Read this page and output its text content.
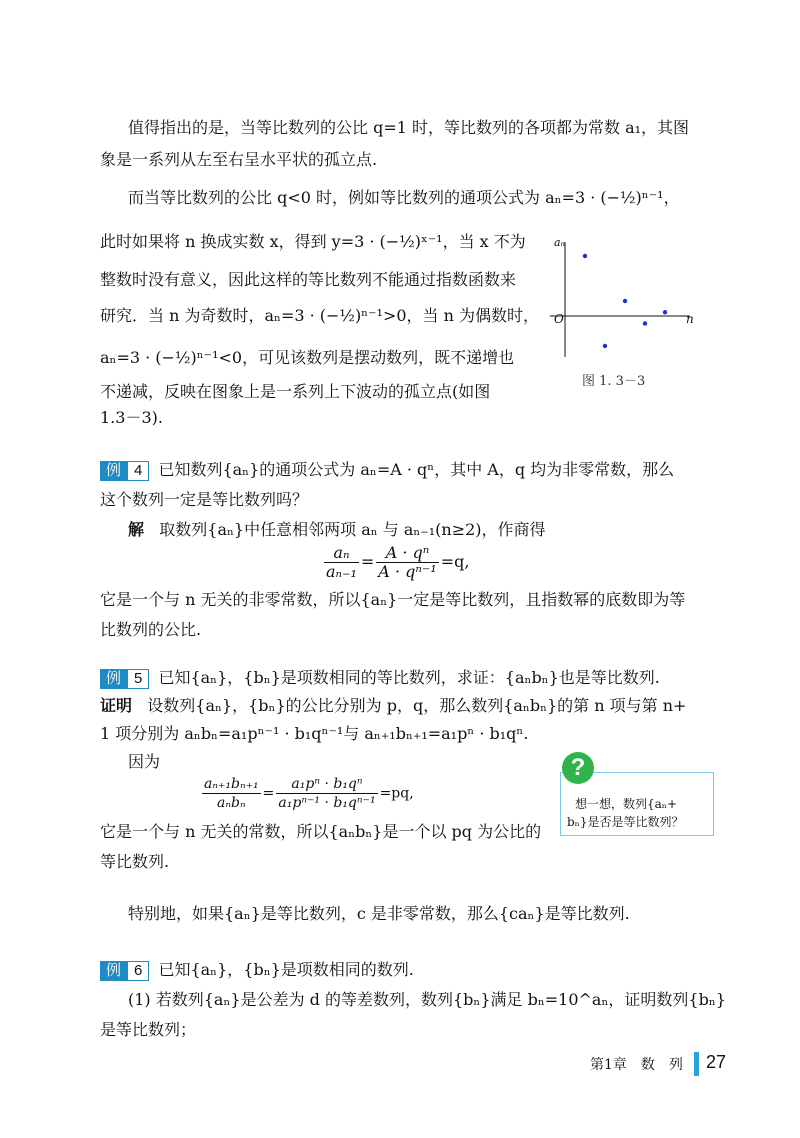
值得指出的是，当等比数列的公比 q=1 时，等比数列的各项都为常数 a₁，其图
象是一系列从左至右呈水平状的孤立点.
而当等比数列的公比 q<0 时，例如等比数列的通项公式为 aₙ=3 · (−½)ⁿ⁻¹，
此时如果将 n 换成实数 x，得到 y=3 · (−½)ˣ⁻¹，当 x 不为
整数时没有意义，因此这样的等比数列不能通过指数函数来
研究．当 n 为奇数时，aₙ=3 · (−½)ⁿ⁻¹>0，当 n 为偶数时，
aₙ=3 · (−½)ⁿ⁻¹<0，可见该数列是摆动数列，既不递增也
不递减，反映在图象上是一系列上下波动的孤立点(如图
1.3－3).
aₙ
n
O
图 1. 3－3
例 4 已知数列{aₙ}的通项公式为 aₙ=A · qⁿ，其中 A，q 均为非零常数，那么
这个数列一定是等比数列吗？
解 取数列{aₙ}中任意相邻两项 aₙ 与 aₙ₋₁(n≥2)，作商得
$\frac{\text{aₙ}}{\text{aₙ₋₁}} = \frac{\text{A · qⁿ}}{\text{A · qⁿ⁻¹}} =q$,
它是一个与 n 无关的非零常数，所以{aₙ}一定是等比数列，且指数幂的底数即为等
比数列的公比.
例 5 已知{aₙ}，{bₙ}是项数相同的等比数列，求证：{aₙbₙ}也是等比数列.
证明 设数列{aₙ}，{bₙ}的公比分别为 p，q，那么数列{aₙbₙ}的第 n 项与第 n+
1 项分别为 aₙbₙ=a₁pⁿ⁻¹ · b₁qⁿ⁻¹与 aₙ₊₁bₙ₊₁=a₁pⁿ · b₁qⁿ.
因为
$\frac{\text{aₙ₊₁bₙ₊₁}}{\text{aₙbₙ}} = \frac{\text{a₁pⁿ · b₁qⁿ}}{\text{a₁pⁿ⁻¹ · b₁qⁿ⁻¹}} =pq$,
它是一个与 n 无关的常数，所以{aₙbₙ}是一个以 pq 为公比的
等比数列.
想一想，数列{aₙ+
bₙ}是否是等比数列？
?
特别地，如果{aₙ}是等比数列，c 是非零常数，那么{caₙ}是等比数列.
例 6 已知{aₙ}，{bₙ}是项数相同的数列.
(1) 若数列{aₙ}是公差为 d 的等差数列，数列{bₙ}满足 bₙ=10^aₙ，证明数列{bₙ}
是等比数列；
第1章　数　列 27
